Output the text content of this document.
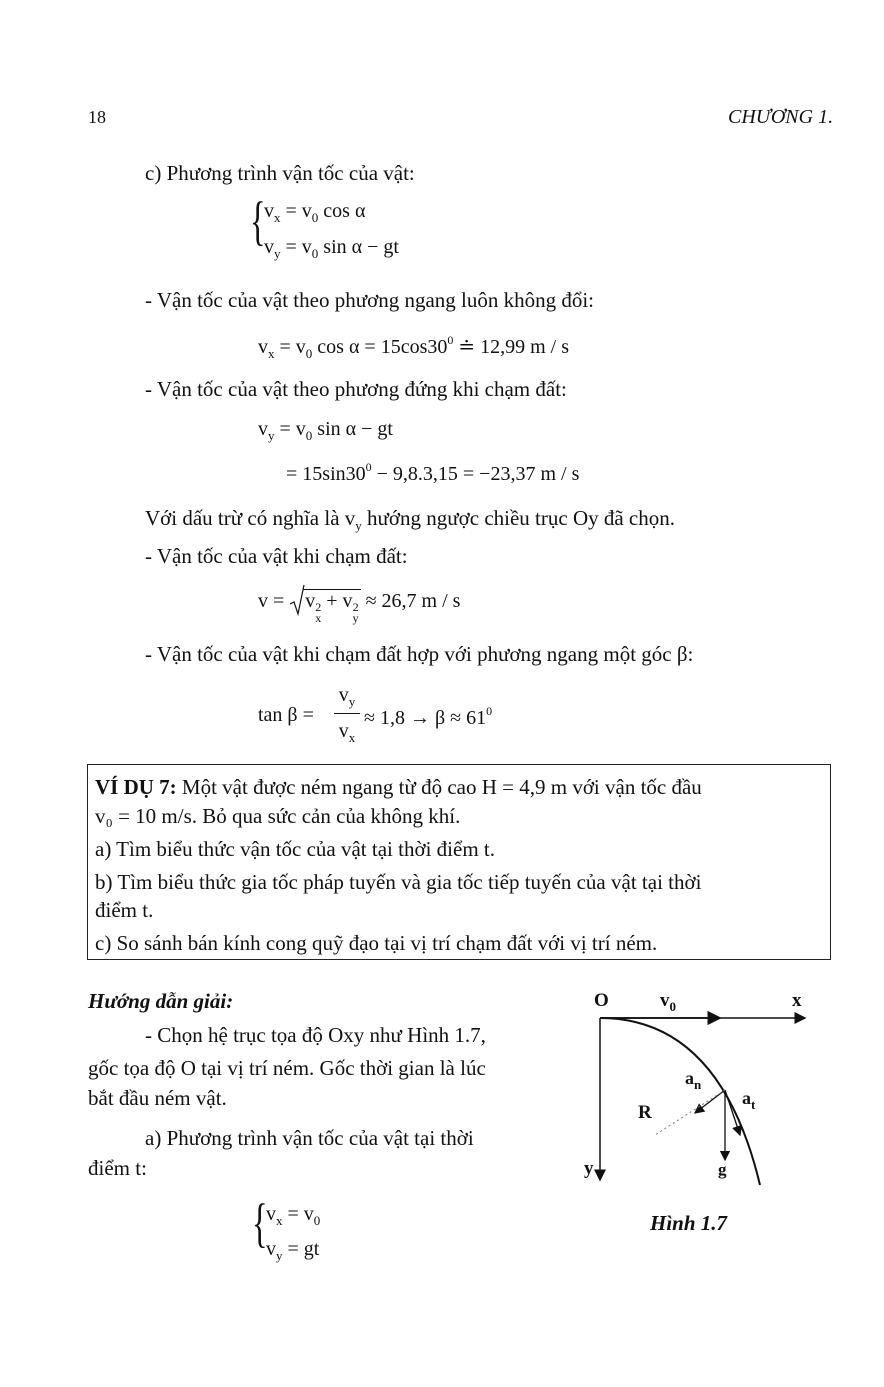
18	CHƯƠNG 1.
c) Phương trình vận tốc của vật:
{
$v_x = v_0$ cos α
$v_y = v_0$ sin α − gt
- Vận tốc của vật theo phương ngang luôn không đổi:
$v_x = v_0$ $\cos \alpha = 15\cos 30^0$ ≐ 12,99 m / s
- Vận tốc của vật theo phương đứng khi chạm đất:
$v_y = v_0$ sin α − gt
= $15\sin 30^0 - 9,8.3,15 = -23,37$ m / s
Với dấu trừ có nghĩa là $v_y$ hướng ngược chiều trục Oy đã chọn.
- Vận tốc của vật khi chạm đất:
v =
v 2
x
+ v 2
y
≈ 26,7 m / s
- Vận tốc của vật khi chạm đất hợp với phương ngang một góc β:
tan β =
$v_y$
$v_x$
≈ $1,8 \to \beta \approx 61^0$
VÍ DỤ 7: Một vật được ném ngang từ độ cao H = 4,9 m với vận tốc đầu
v₀ = 10 m/s. Bỏ qua sức cản của không khí.
a) Tìm biểu thức vận tốc của vật tại thời điểm t.
b) Tìm biểu thức gia tốc pháp tuyến và gia tốc tiếp tuyến của vật tại thời
điểm t.
c) So sánh bán kính cong quỹ đạo tại vị trí chạm đất với vị trí ném.
Hướng dẫn giải:
- Chọn hệ trục tọa độ Oxy như Hình 1.7,
gốc tọa độ O tại vị trí ném. Gốc thời gian là lúc
bắt đầu ném vật.
a) Phương trình vận tốc của vật tại thời
điểm t:
{
$v_x = v_0$
$v_y$ = gt
O	$v_0$	x
y
$a_n$
$a_t$
R
g
Hình 1.7
